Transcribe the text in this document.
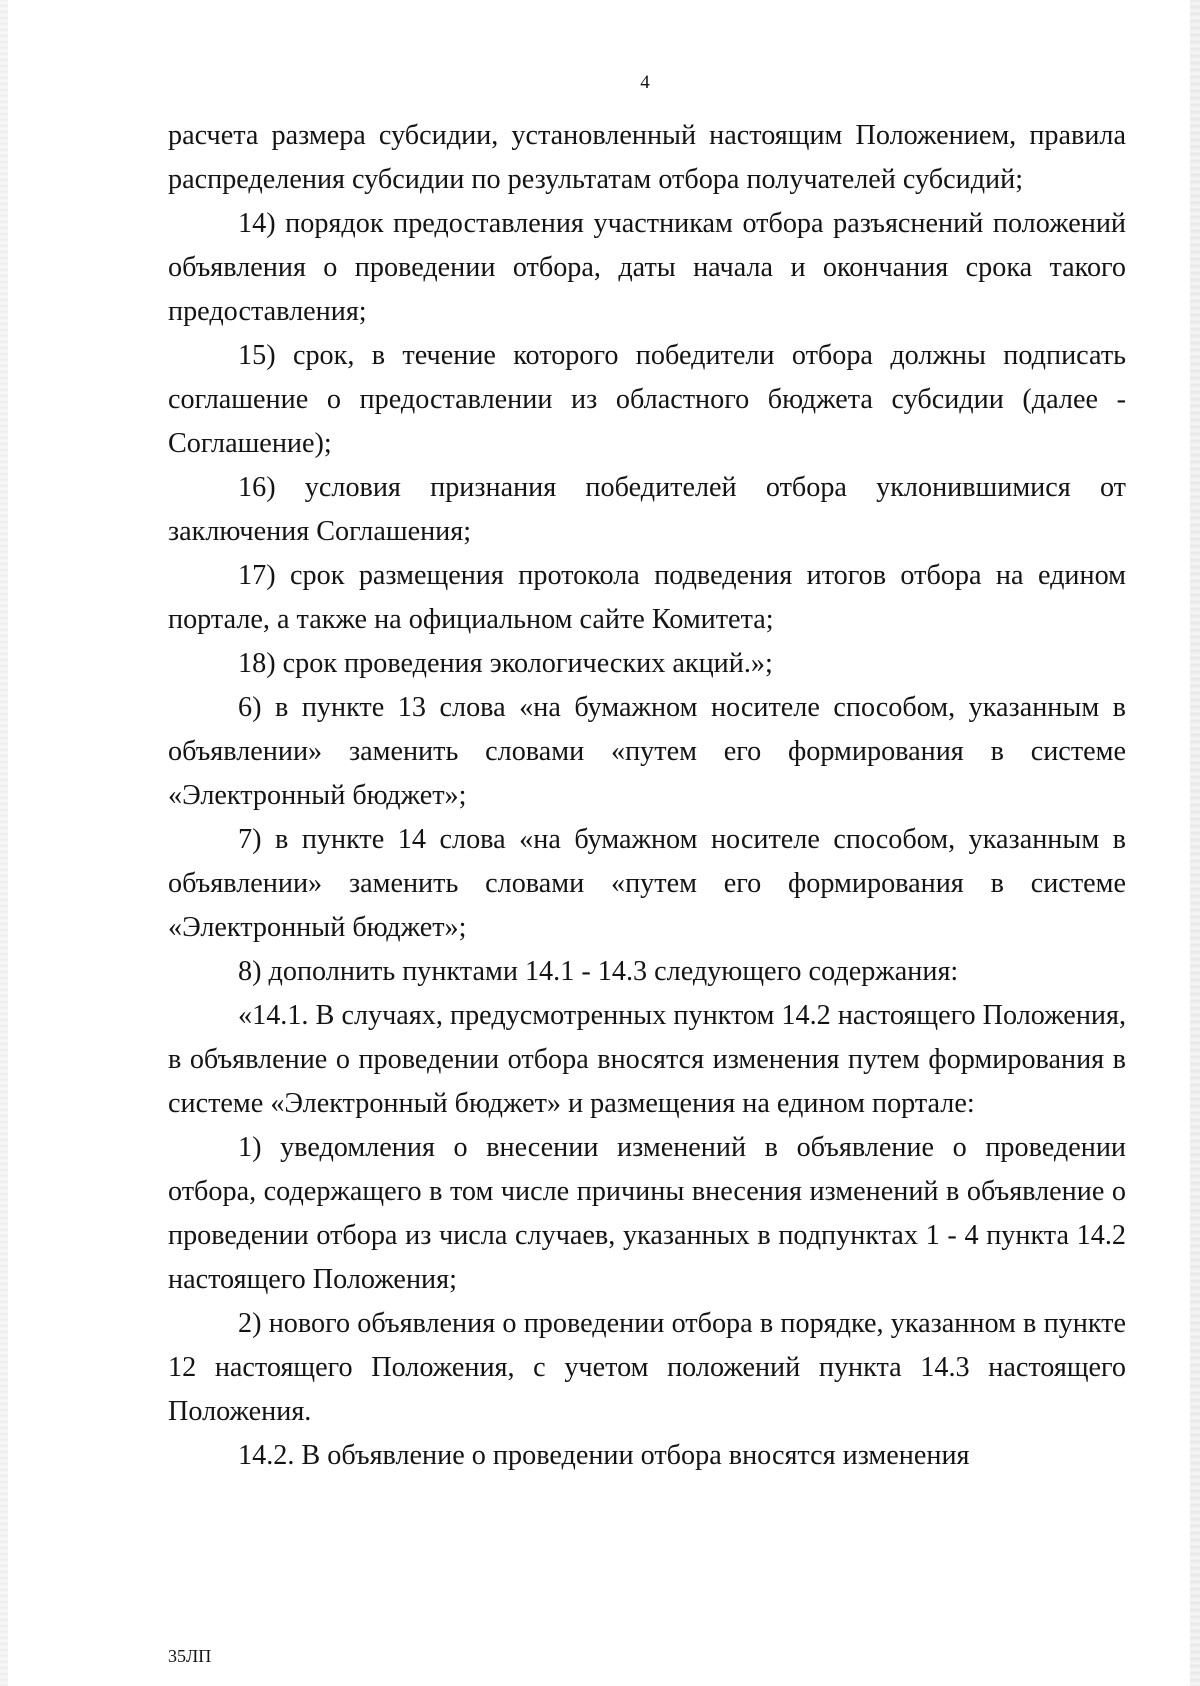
4

расчета размера субсидии, установленный настоящим Положением, правила распределения субсидии по результатам отбора получателей субсидий;

14) порядок предоставления участникам отбора разъяснений положений объявления о проведении отбора, даты начала и окончания срока такого предоставления;

15) срок, в течение которого победители отбора должны подписать соглашение о предоставлении из областного бюджета субсидии (далее - Соглашение);

16) условия признания победителей отбора уклонившимися от заключения Соглашения;

17) срок размещения протокола подведения итогов отбора на едином портале, а также на официальном сайте Комитета;

18) срок проведения экологических акций.»;

6) в пункте 13 слова «на бумажном носителе способом, указанным в объявлении» заменить словами «путем его формирования в системе «Электронный бюджет»;

7) в пункте 14 слова «на бумажном носителе способом, указанным в объявлении» заменить словами «путем его формирования в системе «Электронный бюджет»;

8) дополнить пунктами 14.1 - 14.3 следующего содержания:

«14.1. В случаях, предусмотренных пунктом 14.2 настоящего Положения, в объявление о проведении отбора вносятся изменения путем формирования в системе «Электронный бюджет» и размещения на едином портале:

1) уведомления о внесении изменений в объявление о проведении отбора, содержащего в том числе причины внесения изменений в объявление о проведении отбора из числа случаев, указанных в подпунктах 1 - 4 пункта 14.2 настоящего Положения;

2) нового объявления о проведении отбора в порядке, указанном в пункте 12 настоящего Положения, с учетом положений пункта 14.3 настоящего Положения.

14.2. В объявление о проведении отбора вносятся изменения

35ЛП
